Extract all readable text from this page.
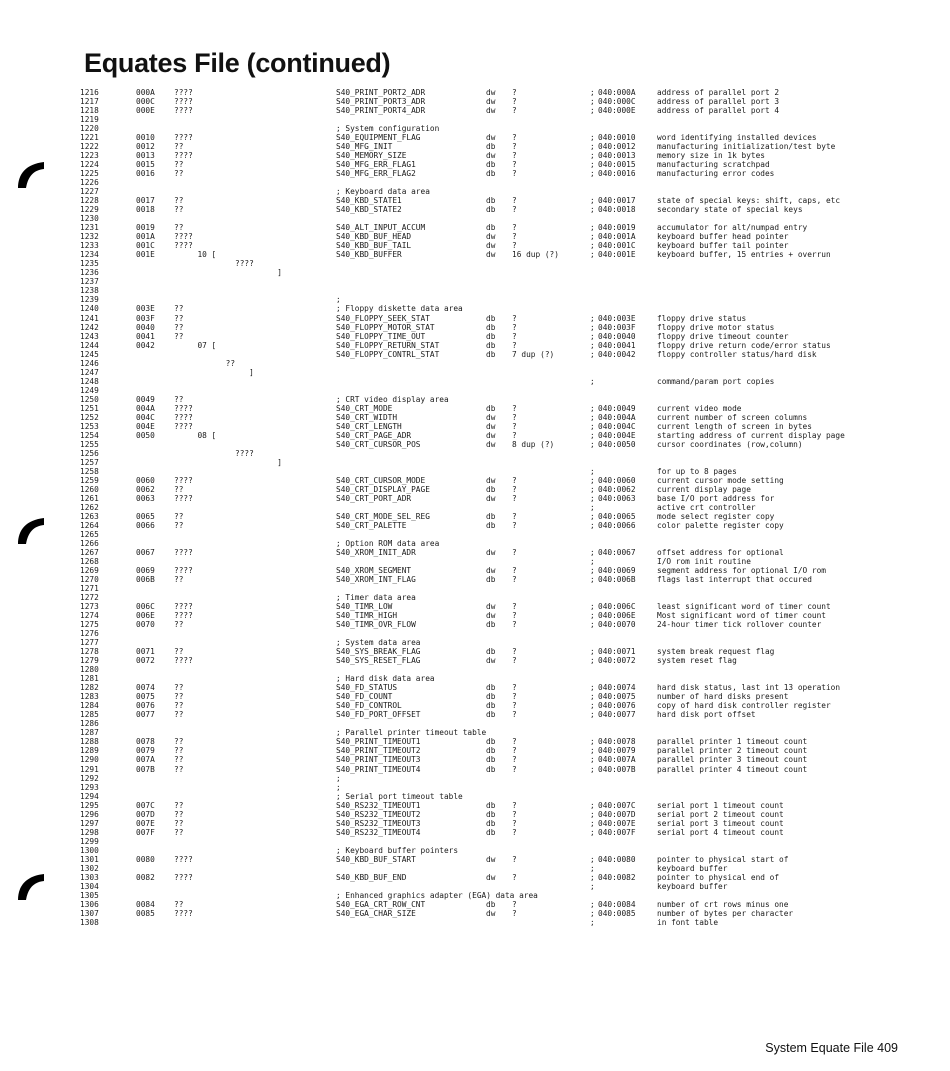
Equates File (continued)
1216	000A ????	S40_PRINT_PORT2_ADR	dw ?	; 040:000A	address of parallel port 2
1217	000C ????	S40_PRINT_PORT3_ADR	dw ?	; 040:000C	address of parallel port 3
1218	000E ????	S40_PRINT_PORT4_ADR	dw ?	; 040:000E	address of parallel port 4
1219
1220	; System configuration
1221	0010 ????	S40_EQUIPMENT_FLAG	dw ?	; 040:0010	word identifying installed devices
1222	0012 ??	S40_MFG_INIT	db ?	; 040:0012	manufacturing initialization/test byte
1223	0013 ????	S40_MEMORY_SIZE	dw ?	; 040:0013	memory size in 1k bytes
1224	0015 ??	S40_MFG_ERR_FLAG1	db ?	; 040:0015	manufacturing scratchpad
1225	0016 ??	S40_MFG_ERR_FLAG2	db ?	; 040:0016	manufacturing error codes
1226
1227	; Keyboard data area
1228	0017 ??	S40_KBD_STATE1	db ?	; 040:0017	state of special keys: shift, caps, etc
1229	0018 ??	S40_KBD_STATE2	db ?	; 040:0018	secondary state of special keys
1230
1231	0019 ??	S40_ALT_INPUT_ACCUM	db ?	; 040:0019	accumulator for alt/numpad entry
1232	001A ????	S40_KBD_BUF_HEAD	dw ?	; 040:001A	keyboard buffer head pointer
1233	001C ????	S40_KBD_BUF_TAIL	dw ?	; 040:001C	keyboard buffer tail pointer
1234	001E 10 [	S40_KBD_BUFFER	dw 16 dup (?)	; 040:001E	keyboard buffer, 15 entries + overrun
1235	????
1236	]
1237
1238
1239	;
1240	003E ??	; Floppy diskette data area
1241	003F ??	S40_FLOPPY_SEEK_STAT	db ?	; 040:003E	floppy drive status
1242	0040 ??	S40_FLOPPY_MOTOR_STAT	db ?	; 040:003F	floppy drive motor status
1243	0041 ??	S40_FLOPPY_TIME_OUT	db ?	; 040:0040	floppy drive timeout counter
1244	0042 07 [	S40_FLOPPY_RETURN_STAT	db ?	; 040:0041	floppy drive return code/error status
1245	S40_FLOPPY_CONTRL_STAT	db 7 dup (?)	; 040:0042	floppy controller status/hard disk
1246	??
1247	]
1248	;	command/param port copies
1249
1250	0049 ??	; CRT video display area
1251	004A ????	S40_CRT_MODE	db ?	; 040:0049	current video mode
1252	004C ????	S40_CRT_WIDTH	dw ?	; 040:004A	current number of screen columns
1253	004E ????	S40_CRT_LENGTH	dw ?	; 040:004C	current length of screen in bytes
1254	0050 08 [	S40_CRT_PAGE_ADR	dw ?	; 040:004E	starting address of current display page
1255	S40_CRT_CURSOR_POS	dw 8 dup (?)	; 040:0050	cursor coordinates (row,column)
1256	????
1257	]
1258	;	for up to 8 pages
1259	0060 ????	S40_CRT_CURSOR_MODE	dw ?	; 040:0060	current cursor mode setting
1260	0062 ??	S40_CRT_DISPLAY_PAGE	db ?	; 040:0062	current display page
1261	0063 ????	S40_CRT_PORT_ADR	dw ?	; 040:0063	base I/O port address for
1262	;	active crt controller
1263	0065 ??	S40_CRT_MODE_SEL_REG	db ?	; 040:0065	mode select register copy
1264	0066 ??	S40_CRT_PALETTE	db ?	; 040:0066	color palette register copy
1265
1266	; Option ROM data area
1267	0067 ????	S40_XROM_INIT_ADR	dw ?	; 040:0067	offset address for optional
1268	;	I/O rom init routine
1269	0069 ????	S40_XROM_SEGMENT	dw ?	; 040:0069	segment address for optional I/O rom
1270	006B ??	S40_XROM_INT_FLAG	db ?	; 040:006B	flags last interrupt that occured
1271
1272	; Timer data area
1273	006C ????	S40_TIMR_LOW	dw ?	; 040:006C	least significant word of timer count
1274	006E ????	S40_TIMR_HIGH	dw ?	; 040:006E	Most significant word of timer count
1275	0070 ??	S40_TIMR_OVR_FLOW	db ?	; 040:0070	24-hour timer tick rollover counter
1276
1277	; System data area
1278	0071 ??	S40_SYS_BREAK_FLAG	db ?	; 040:0071	system break request flag
1279	0072 ????	S40_SYS_RESET_FLAG	dw ?	; 040:0072	system reset flag
1280
1281	; Hard disk data area
1282	0074 ??	S40_FD_STATUS	db ?	; 040:0074	hard disk status, last int 13 operation
1283	0075 ??	S40_FD_COUNT	db ?	; 040:0075	number of hard disks present
1284	0076 ??	S40_FD_CONTROL	db ?	; 040:0076	copy of hard disk controller register
1285	0077 ??	S40_FD_PORT_OFFSET	db ?	; 040:0077	hard disk port offset
1286
1287	; Parallel printer timeout table
1288	0078 ??	S40_PRINT_TIMEOUT1	db ?	; 040:0078	parallel printer 1 timeout count
1289	0079 ??	S40_PRINT_TIMEOUT2	db ?	; 040:0079	parallel printer 2 timeout count
1290	007A ??	S40_PRINT_TIMEOUT3	db ?	; 040:007A	parallel printer 3 timeout count
1291	007B ??	S40_PRINT_TIMEOUT4	db ?	; 040:007B	parallel printer 4 timeout count
1292	;
1293	;
1294	; Serial port timeout table
1295	007C ??	S40_RS232_TIMEOUT1	db ?	; 040:007C	serial port 1 timeout count
1296	007D ??	S40_RS232_TIMEOUT2	db ?	; 040:007D	serial port 2 timeout count
1297	007E ??	S40_RS232_TIMEOUT3	db ?	; 040:007E	serial port 3 timeout count
1298	007F ??	S40_RS232_TIMEOUT4	db ?	; 040:007F	serial port 4 timeout count
1299
1300	; Keyboard buffer pointers
1301	0080 ????	S40_KBD_BUF_START	dw ?	; 040:0080	pointer to physical start of
1302	;	keyboard buffer
1303	0082 ????	S40_KBD_BUF_END	dw ?	; 040:0082	pointer to physical end of
1304	;	keyboard buffer
1305	; Enhanced graphics adapter (EGA) data area
1306	0084 ??	S40_EGA_CRT_ROW_CNT	db ?	; 040:0084	number of crt rows minus one
1307	0085 ????	S40_EGA_CHAR_SIZE	dw ?	; 040:0085	number of bytes per character
1308	;	in font table
System Equate File 409
